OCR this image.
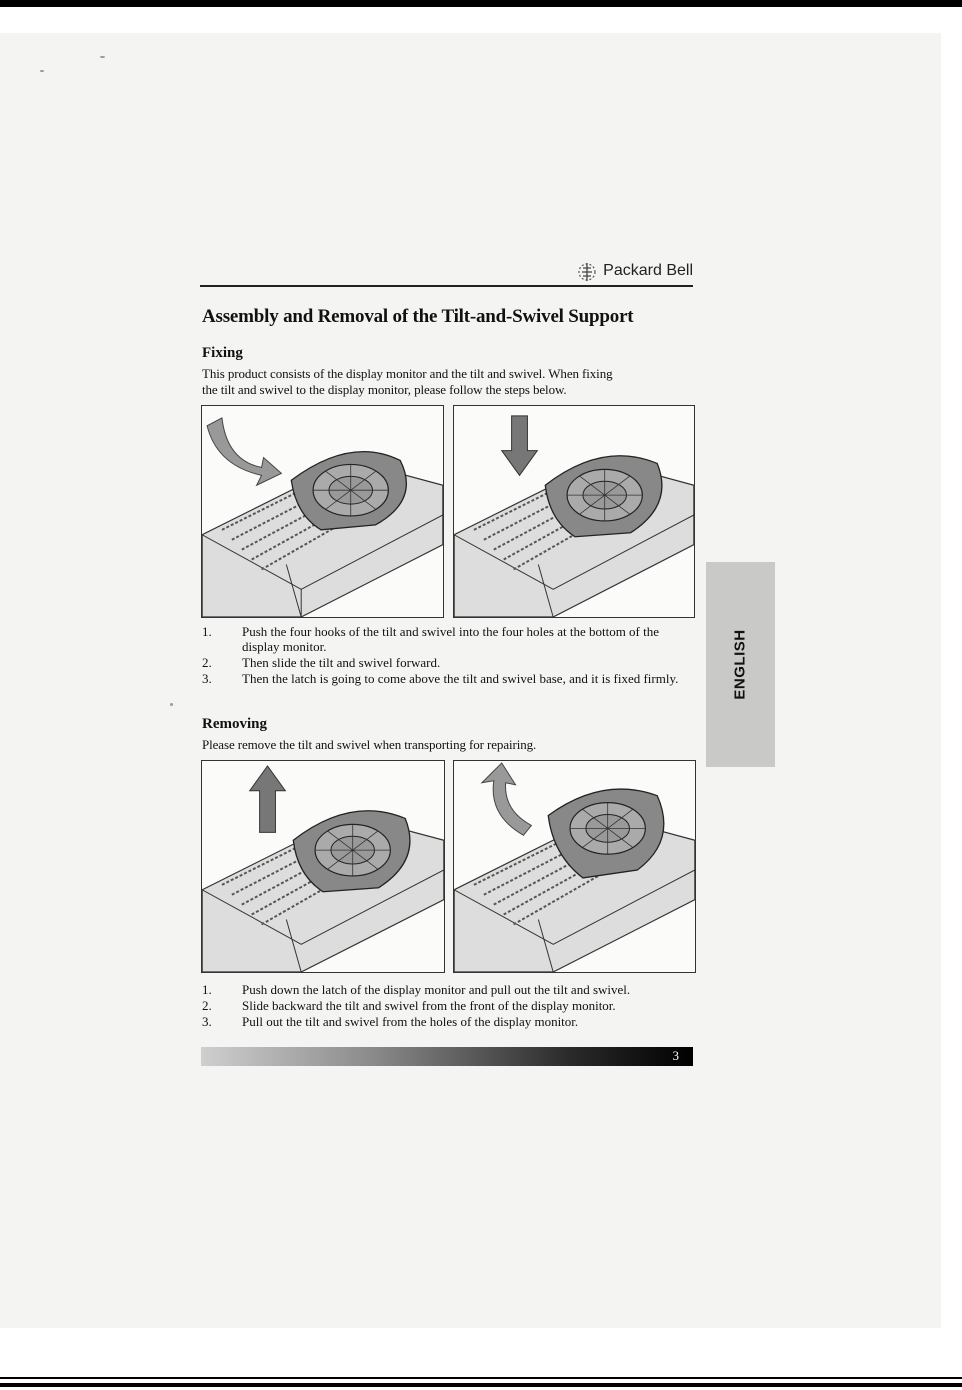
Packard Bell
Assembly and Removal of the Tilt-and-Swivel Support
Fixing
This product consists of the display monitor and the tilt and swivel. When fixing
the tilt and swivel to the display monitor, please follow the steps below.
1.	Push the four hooks of the tilt and swivel into the four holes at the bottom of the display monitor.
2.	Then slide the tilt and swivel forward.
3.	Then the latch is going to come above the tilt and swivel base, and it is fixed firmly.
Removing
Please remove the tilt and swivel when transporting for repairing.
1.	Push down the latch of the display monitor and pull out the tilt and swivel.
2.	Slide backward the tilt and swivel from the front of the display monitor.
3.	Pull out the tilt and swivel from the holes of the display monitor.
ENGLISH
3
